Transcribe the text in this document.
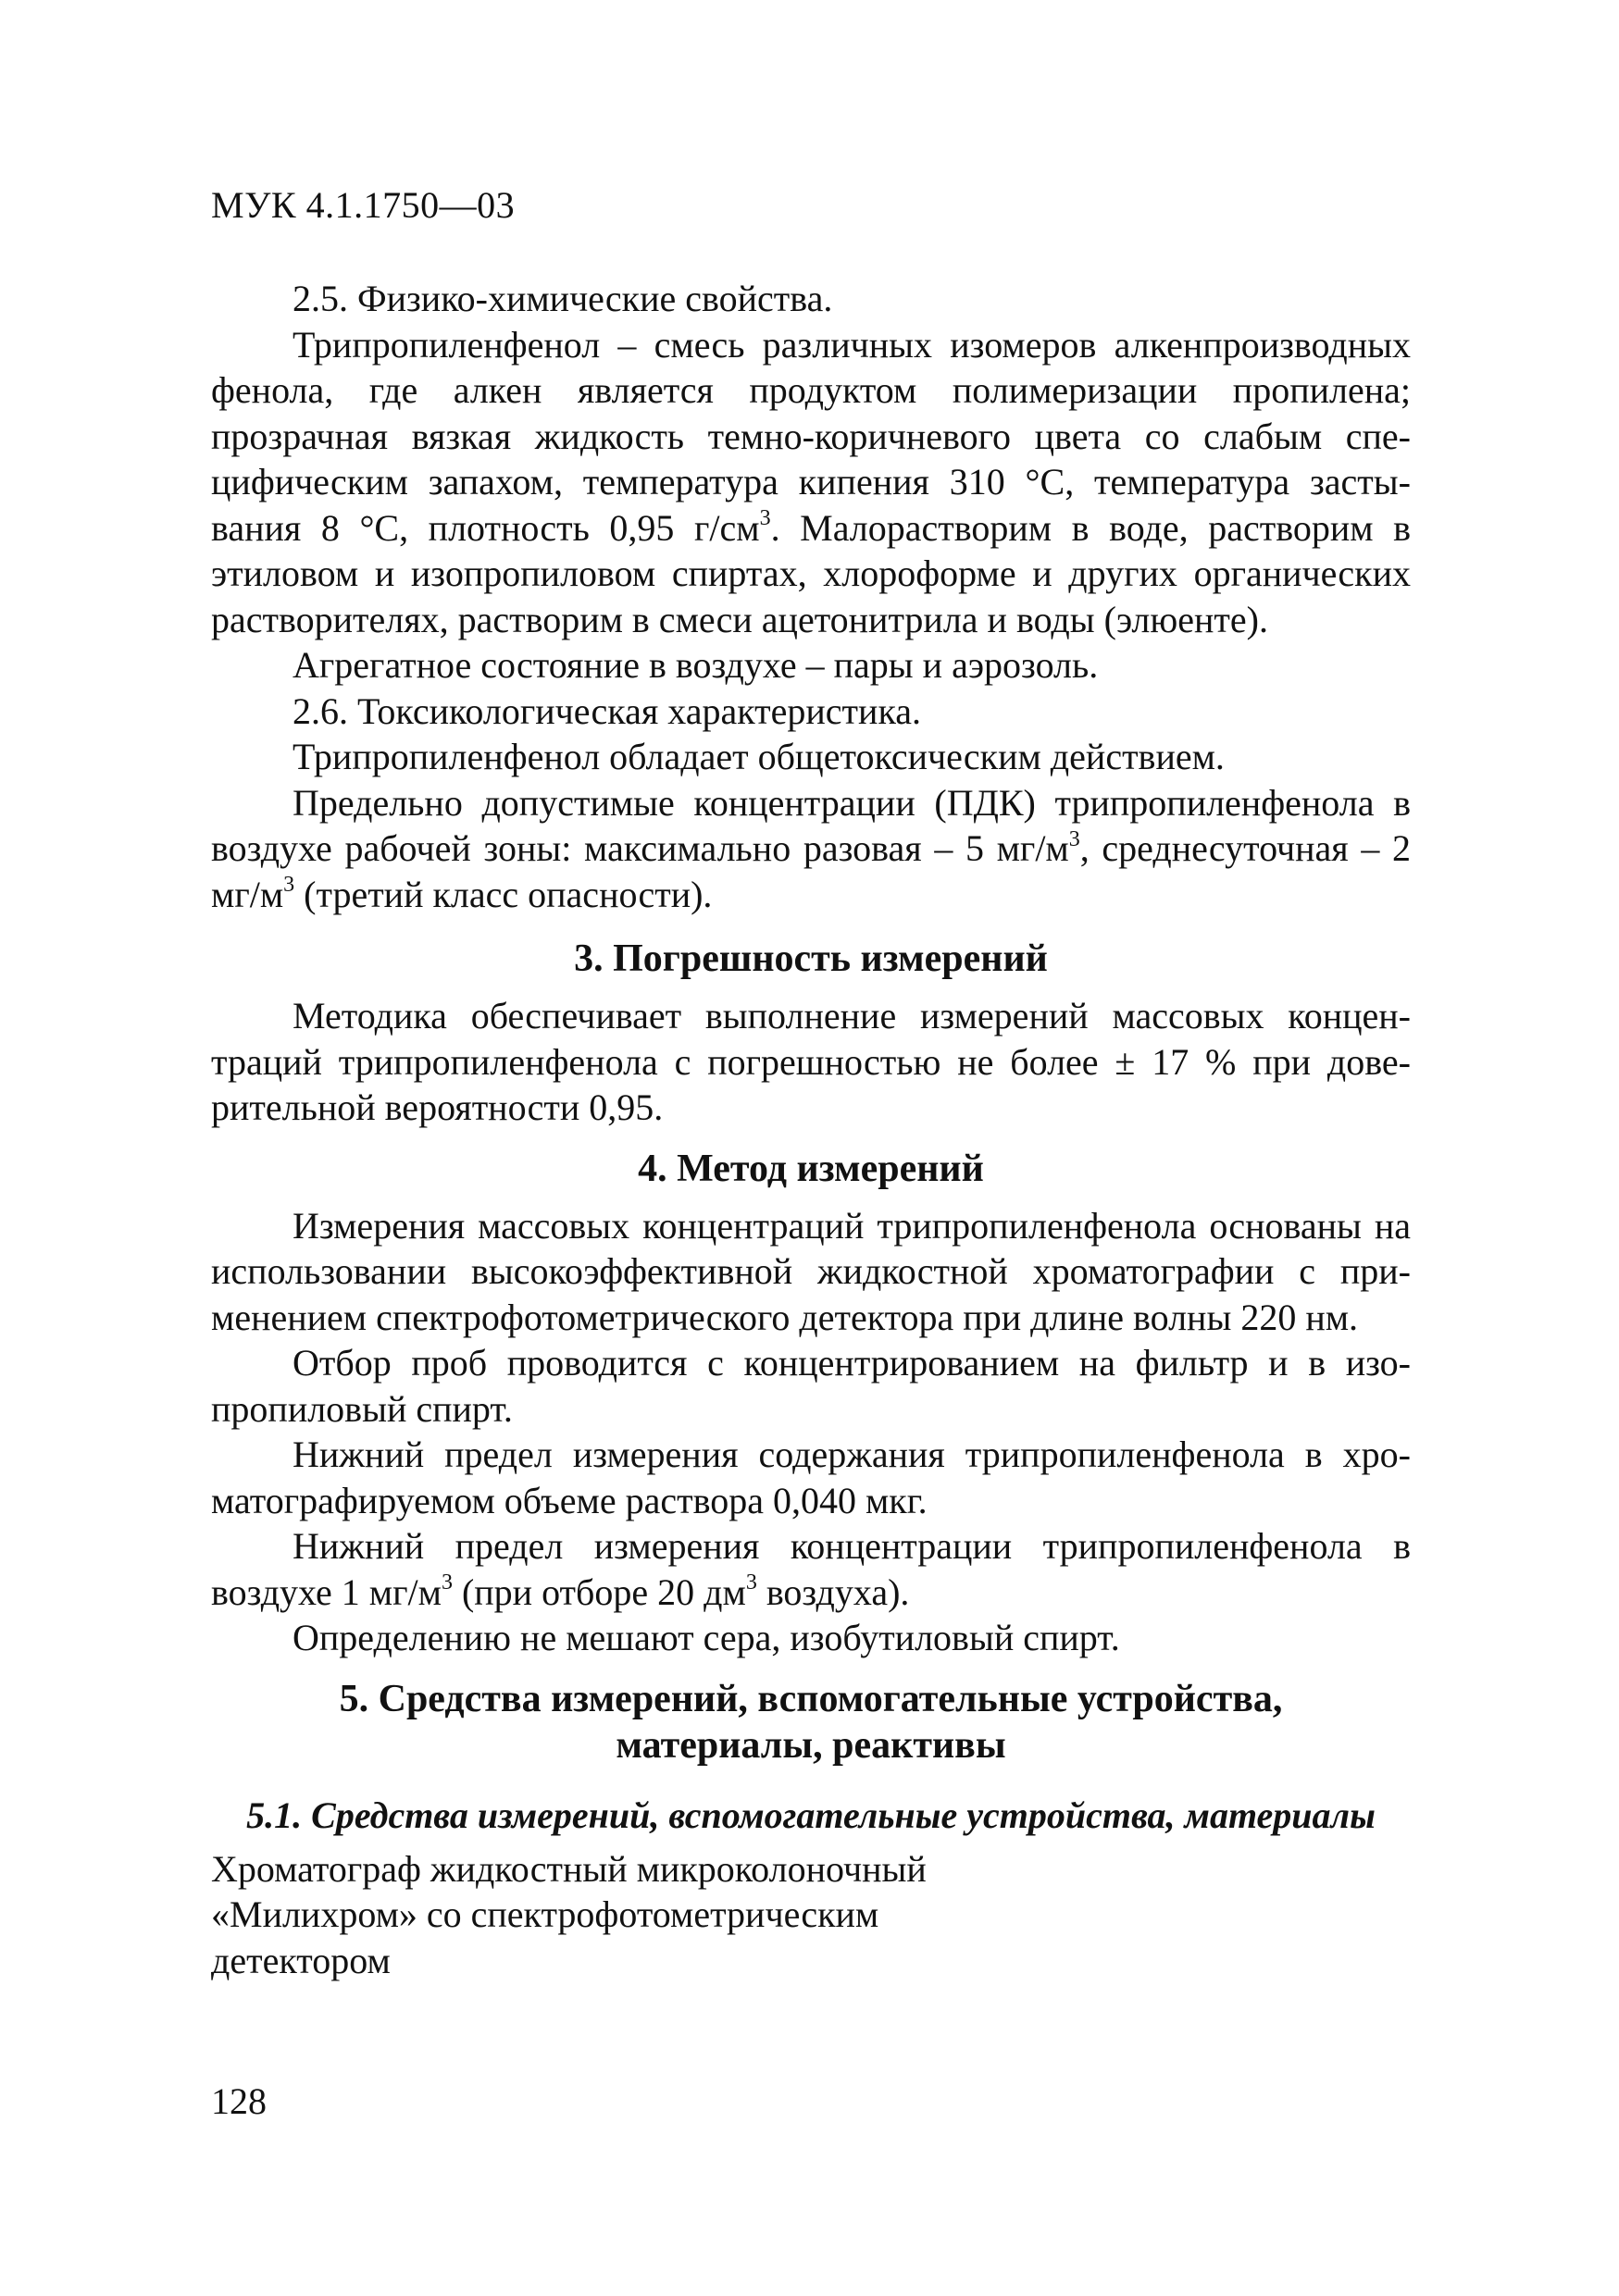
МУК 4.1.1750—03

2.5. Физико-химические свойства.

Трипропиленфенол – смесь различных изомеров алкенпроизводных фенола, где алкен является продуктом полимеризации пропилена; прозрачная вязкая жидкость темно-коричневого цвета со слабым специфическим запахом, температура кипения 310 °С, температура застывания 8 °С, плотность 0,95 $г/см^3$. Малорастворим в воде, растворим в этиловом и изопропиловом спиртах, хлороформе и других органических растворителях, растворим в смеси ацетонитрила и воды (элюенте).

Агрегатное состояние в воздухе – пары и аэрозоль.

2.6. Токсикологическая характеристика.

Трипропиленфенол обладает общетоксическим действием.

Предельно допустимые концентрации (ПДК) трипропиленфенола в воздухе рабочей зоны: максимально разовая – 5 $мг/м^3$, среднесуточная – 2 $мг/м^3$ (третий класс опасности).

3. Погрешность измерений

Методика обеспечивает выполнение измерений массовых концентраций трипропиленфенола с погрешностью не более ± 17 % при доверительной вероятности 0,95.

4. Метод измерений

Измерения массовых концентраций трипропиленфенола основаны на использовании высокоэффективной жидкостной хроматографии с применением спектрофотометрического детектора при длине волны 220 нм.

Отбор проб проводится с концентрированием на фильтр и в изопропиловый спирт.

Нижний предел измерения содержания трипропиленфенола в хроматографируемом объеме раствора 0,040 мкг.

Нижний предел измерения концентрации трипропиленфенола в воздухе 1 $мг/м^3$ (при отборе 20 $дм^3$ воздуха).

Определению не мешают сера, изобутиловый спирт.

5. Средства измерений, вспомогательные устройства,
материалы, реактивы
5.1. Средства измерений, вспомогательные устройства, материалы

Хроматограф жидкостный микроколоночный
«Милихром» со спектрофотометрическим
детектором

128
